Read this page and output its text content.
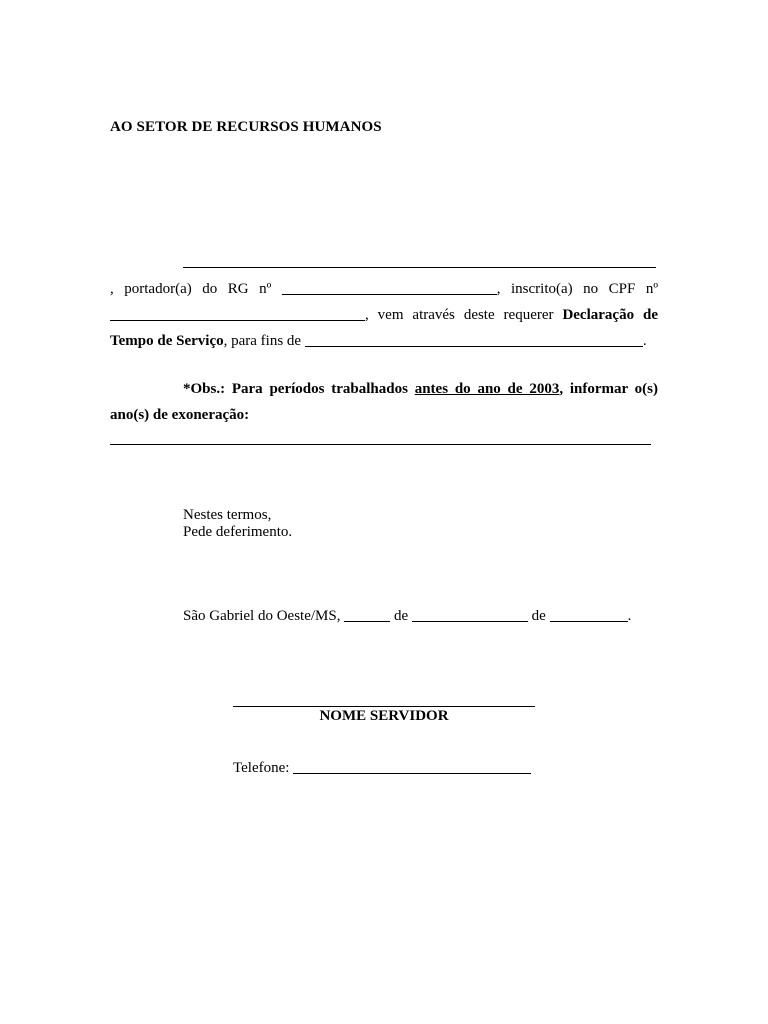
AO SETOR DE RECURSOS HUMANOS
, portador(a) do RG nº	, inscrito(a) no CPF nº , vem através deste requerer Declaração de Tempo de Serviço, para fins de	.
*Obs.: Para períodos trabalhados antes do ano de 2003, informar o(s) ano(s) de exoneração:
Nestes termos,
Pede deferimento.
São Gabriel do Oeste/MS,	de	de	.
NOME SERVIDOR
Telefone:
